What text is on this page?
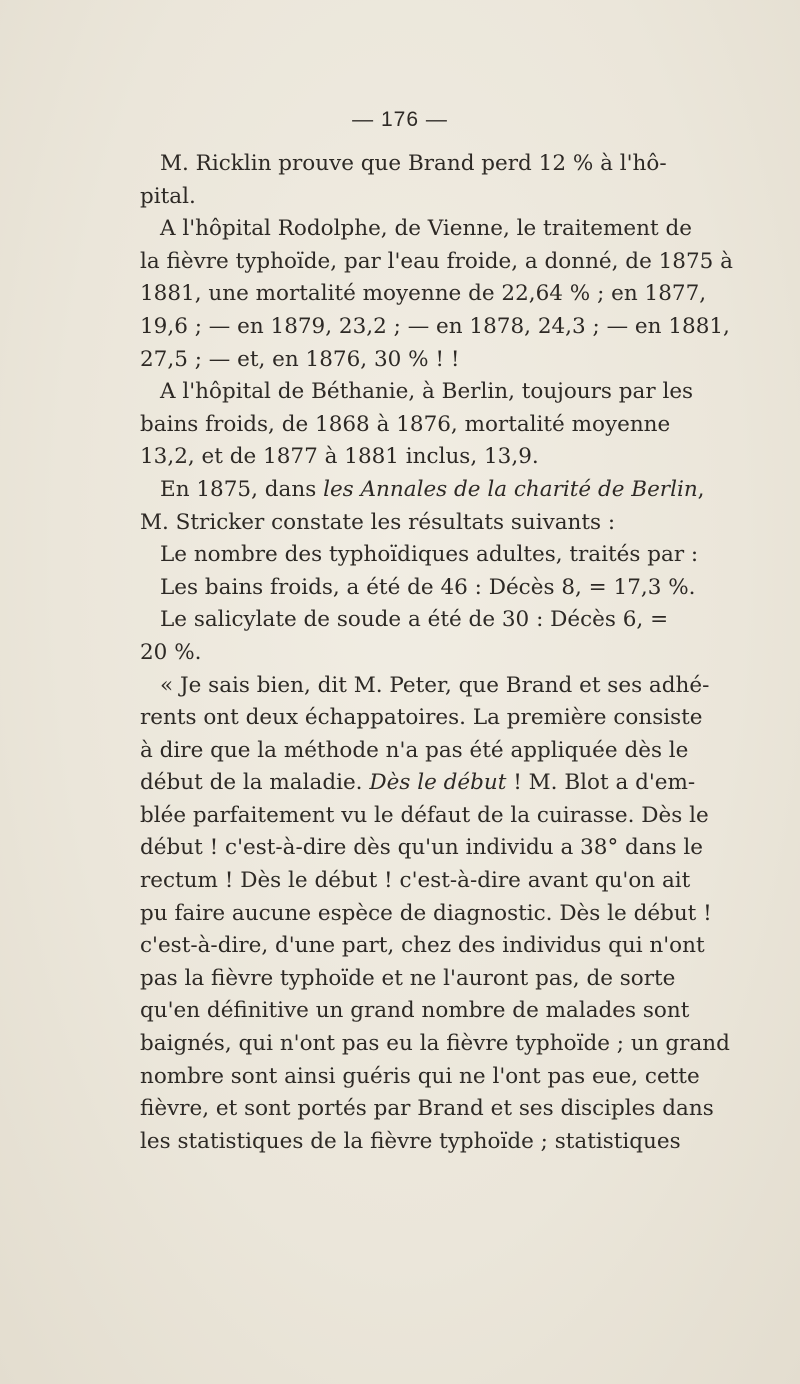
— 176 —

M. Ricklin prouve que Brand perd 12 % à l'hô-
pital.

A l'hôpital Rodolphe, de Vienne, le traitement de
la fièvre typhoïde, par l'eau froide, a donné, de 1875 à
1881, une mortalité moyenne de 22,64 % ; en 1877,
19,6 ; — en 1879, 23,2 ; — en 1878, 24,3 ; — en 1881,
27,5 ; — et, en 1876, 30 % ! !

A l'hôpital de Béthanie, à Berlin, toujours par les
bains froids, de 1868 à 1876, mortalité moyenne
13,2, et de 1877 à 1881 inclus, 13,9.

En 1875, dans les Annales de la charité de Berlin,
M. Stricker constate les résultats suivants :

Le nombre des typhoïdiques adultes, traités par :

Les bains froids, a été de 46 : Décès 8, = 17,3 %.

Le salicylate de soude a été de 30 : Décès 6, =
20 %.

« Je sais bien, dit M. Peter, que Brand et ses adhé-
rents ont deux échappatoires. La première consiste
à dire que la méthode n'a pas été appliquée dès le
début de la maladie. Dès le début ! M. Blot a d'em-
blée parfaitement vu le défaut de la cuirasse. Dès le
début ! c'est-à-dire dès qu'un individu a 38° dans le
rectum ! Dès le début ! c'est-à-dire avant qu'on ait
pu faire aucune espèce de diagnostic. Dès le début !
c'est-à-dire, d'une part, chez des individus qui n'ont
pas la fièvre typhoïde et ne l'auront pas, de sorte
qu'en définitive un grand nombre de malades sont
baignés, qui n'ont pas eu la fièvre typhoïde ; un grand
nombre sont ainsi guéris qui ne l'ont pas eue, cette
fièvre, et sont portés par Brand et ses disciples dans
les statistiques de la fièvre typhoïde ; statistiques
